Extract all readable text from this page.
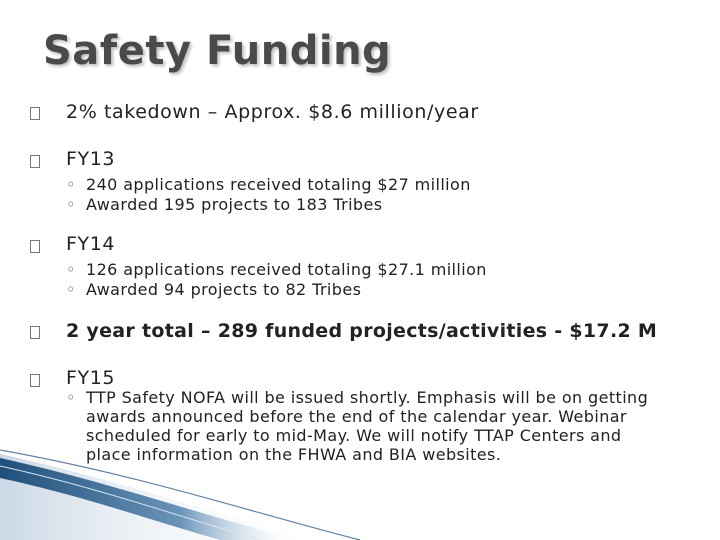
Safety Funding
2% takedown – Approx. $8.6 million/year
FY13
◦ 240 applications received totaling $27 million
◦ Awarded 195 projects to 183 Tribes
FY14
◦ 126 applications received totaling $27.1 million
◦ Awarded 94 projects to 82 Tribes
2 year total – 289 funded projects/activities - $17.2 M
FY15
◦ TTP Safety NOFA will be issued shortly. Emphasis will be on getting awards announced before the end of the calendar year. Webinar scheduled for early to mid-May. We will notify TTAP Centers and place information on the FHWA and BIA websites.
